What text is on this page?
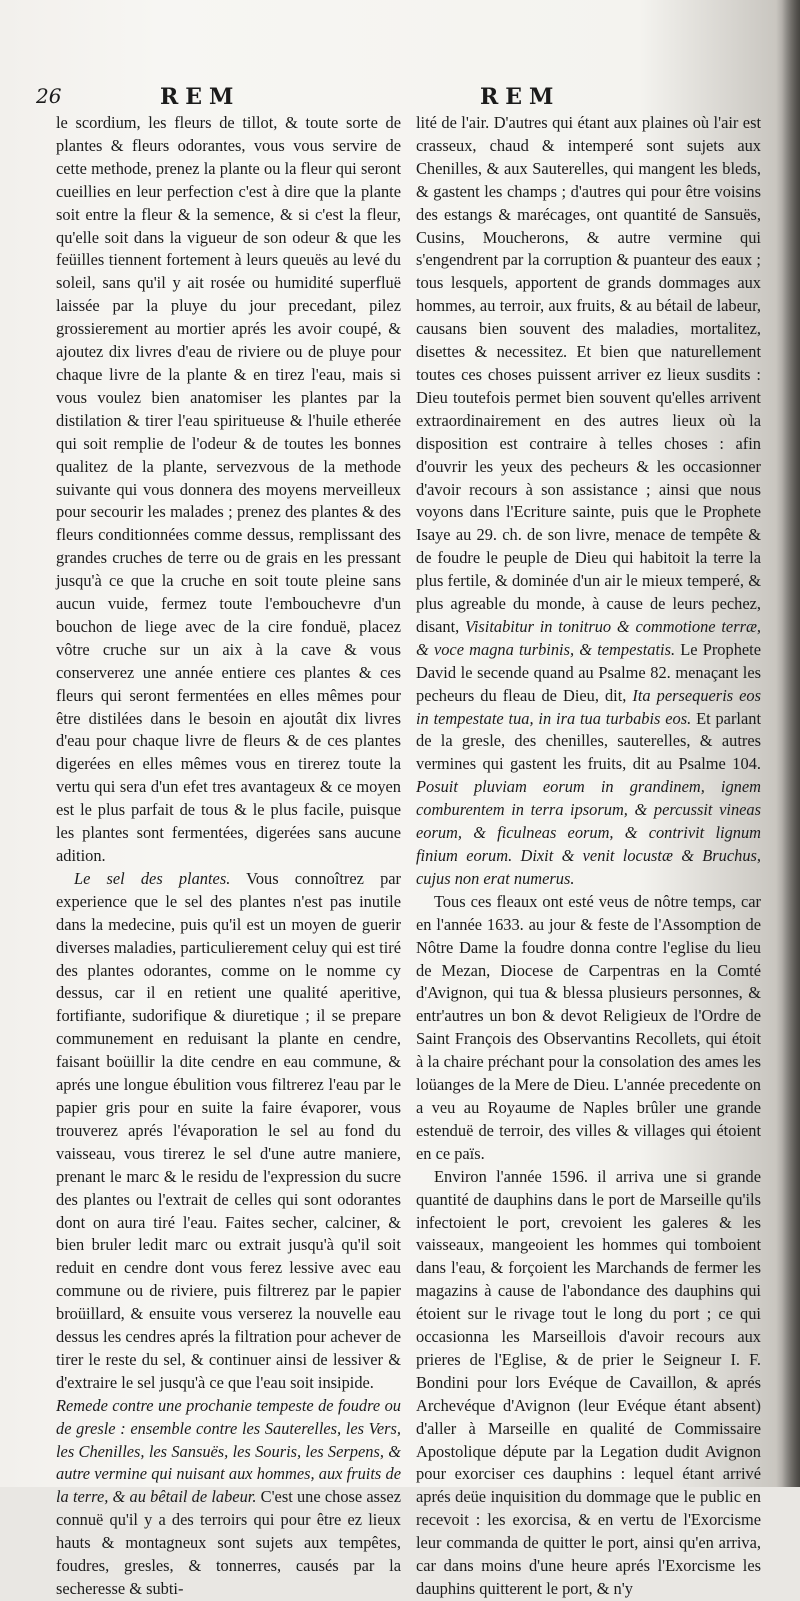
26	REM	REM

le scordium, les fleurs de tillot, & toute sorte de plantes & fleurs odorantes, vous vous servire de cette methode, prenez la plante ou la fleur qui seront cueillies en leur perfection c'est à dire que la plante soit entre la fleur & la semence, & si c'est la fleur, qu'elle soit dans la vigueur de son odeur & que les feüilles tiennent fortement à leurs queuës au levé du soleil, sans qu'il y ait rosée ou humidité superfluë laissée par la pluye du jour precedant, pilez grossierement au mortier aprés les avoir coupé, & ajoutez dix livres d'eau de riviere ou de pluye pour chaque livre de la plante & en tirez l'eau, mais si vous voulez bien anatomiser les plantes par la distilation & tirer l'eau spiritueuse & l'huile etherée qui soit remplie de l'odeur & de toutes les bonnes qualitez de la plante, servezvous de la methode suivante qui vous donnera des moyens merveilleux pour secourir les malades ; prenez des plantes & des fleurs conditionnées comme dessus, remplissant des grandes cruches de terre ou de grais en les pressant jusqu'à ce que la cruche en soit toute pleine sans aucun vuide, fermez toute l'embouchevre d'un bouchon de liege avec de la cire fonduë, placez vôtre cruche sur un aix à la cave & vous conserverez une année entiere ces plantes & ces fleurs qui seront fermentées en elles mêmes pour être distilées dans le besoin en ajoutât dix livres d'eau pour chaque livre de fleurs & de ces plantes digerées en elles mêmes vous en tirerez toute la vertu qui sera d'un efet tres avantageux & ce moyen est le plus parfait de tous & le plus facile, puisque les plantes sont fermentées, digerées sans aucune adition.

Le sel des plantes. Vous connoîtrez par experience que le sel des plantes n'est pas inutile dans la medecine, puis qu'il est un moyen de guerir diverses maladies, particulierement celuy qui est tiré des plantes odorantes, comme on le nomme cy dessus, car il en retient une qualité aperitive, fortifiante, sudorifique & diuretique ; il se prepare communement en reduisant la plante en cendre, faisant boüillir la dite cendre en eau commune, & aprés une longue ébulition vous filtrerez l'eau par le papier gris pour en suite la faire évaporer, vous trouverez aprés l'évaporation le sel au fond du vaisseau, vous tirerez le sel d'une autre maniere, prenant le marc & le residu de l'expression du sucre des plantes ou l'extrait de celles qui sont odorantes dont on aura tiré l'eau. Faites secher, calciner, & bien bruler ledit marc ou extrait jusqu'à qu'il soit reduit en cendre dont vous ferez lessive avec eau commune ou de riviere, puis filtrerez par le papier broüillard, & ensuite vous verserez la nouvelle eau dessus les cendres aprés la filtration pour achever de tirer le reste du sel, & continuer ainsi de lessiver & d'extraire le sel jusqu'à ce que l'eau soit insipide.

Remede contre une prochanie tempeste de foudre ou de gresle : ensemble contre les Sauterelles, les Vers, les Chenilles, les Sansuës, les Souris, les Serpens, & autre vermine qui nuisant aux hommes, aux fruits de la terre, & au bêtail de labeur. C'est une chose assez connuë qu'il y a des terroirs qui pour être ez lieux hauts & montagneux sont sujets aux tempêtes, foudres, gresles, & tonnerres, causés par la secheresse & subti-

lité de l'air. D'autres qui étant aux plaines où l'air est crasseux, chaud & intemperé sont sujets aux Chenilles, & aux Sauterelles, qui mangent les bleds, & gastent les champs ; d'autres qui pour être voisins des estangs & marécages, ont quantité de Sansuës, Cusins, Moucherons, & autre vermine qui s'engendrent par la corruption & puanteur des eaux ; tous lesquels, apportent de grands dommages aux hommes, au terroir, aux fruits, & au bétail de labeur, causans bien souvent des maladies, mortalitez, disettes & necessitez. Et bien que naturellement toutes ces choses puissent arriver ez lieux susdits : Dieu toutefois permet bien souvent qu'elles arrivent extraordinairement en des autres lieux où la disposition est contraire à telles choses : afin d'ouvrir les yeux des pecheurs & les occasionner d'avoir recours à son assistance ; ainsi que nous voyons dans l'Ecriture sainte, puis que le Prophete Isaye au 29. ch. de son livre, menace de tempête & de foudre le peuple de Dieu qui habitoit la terre la plus fertile, & dominée d'un air le mieux temperé, & plus agreable du monde, à cause de leurs pechez, disant, Visitabitur in tonitruo & commotione terræ, & voce magna turbinis, & tempestatis. Le Prophete David le secende quand au Psalme 82. menaçant les pecheurs du fleau de Dieu, dit, Ita persequeris eos in tempestate tua, in ira tua turbabis eos. Et parlant de la gresle, des chenilles, sauterelles, & autres vermines qui gastent les fruits, dit au Psalme 104. Posuit pluviam eorum in grandinem, ignem comburentem in terra ipsorum, & percussit vineas eorum, & ficulneas eorum, & contrivit lignum finium eorum. Dixit & venit locustæ & Bruchus, cujus non erat numerus.

Tous ces fleaux ont esté veus de nôtre temps, car en l'année 1633. au jour & feste de l'Assomption de Nôtre Dame la foudre donna contre l'eglise du lieu de Mezan, Diocese de Carpentras en la Comté d'Avignon, qui tua & blessa plusieurs personnes, & entr'autres un bon & devot Religieux de l'Ordre de Saint François des Observantins Recollets, qui étoit à la chaire préchant pour la consolation des ames les loüanges de la Mere de Dieu. L'année precedente on a veu au Royaume de Naples brûler une grande estenduë de terroir, des villes & villages qui étoient en ce païs.

Environ l'année 1596. il arriva une si grande quantité de dauphins dans le port de Marseille qu'ils infectoient le port, crevoient les galeres & les vaisseaux, mangeoient les hommes qui tomboient dans l'eau, & forçoient les Marchands de fermer les magazins à cause de l'abondance des dauphins qui étoient sur le rivage tout le long du port ; ce qui occasionna les Marseillois d'avoir recours aux prieres de l'Eglise, & de prier le Seigneur I. F. Bondini pour lors Evéque de Cavaillon, & aprés Archevéque d'Avignon (leur Evéque étant absent) d'aller à Marseille en qualité de Commissaire Apostolique députe par la Legation dudit Avignon pour exorciser ces dauphins : lequel étant arrivé aprés deüe inquisition du dommage que le public en recevoit : les exorcisa, & en vertu de l'Exorcisme leur commanda de quitter le port, ainsi qu'en arriva, car dans moins d'une heure aprés l'Exorcisme les dauphins quitterent le port, & n'y
